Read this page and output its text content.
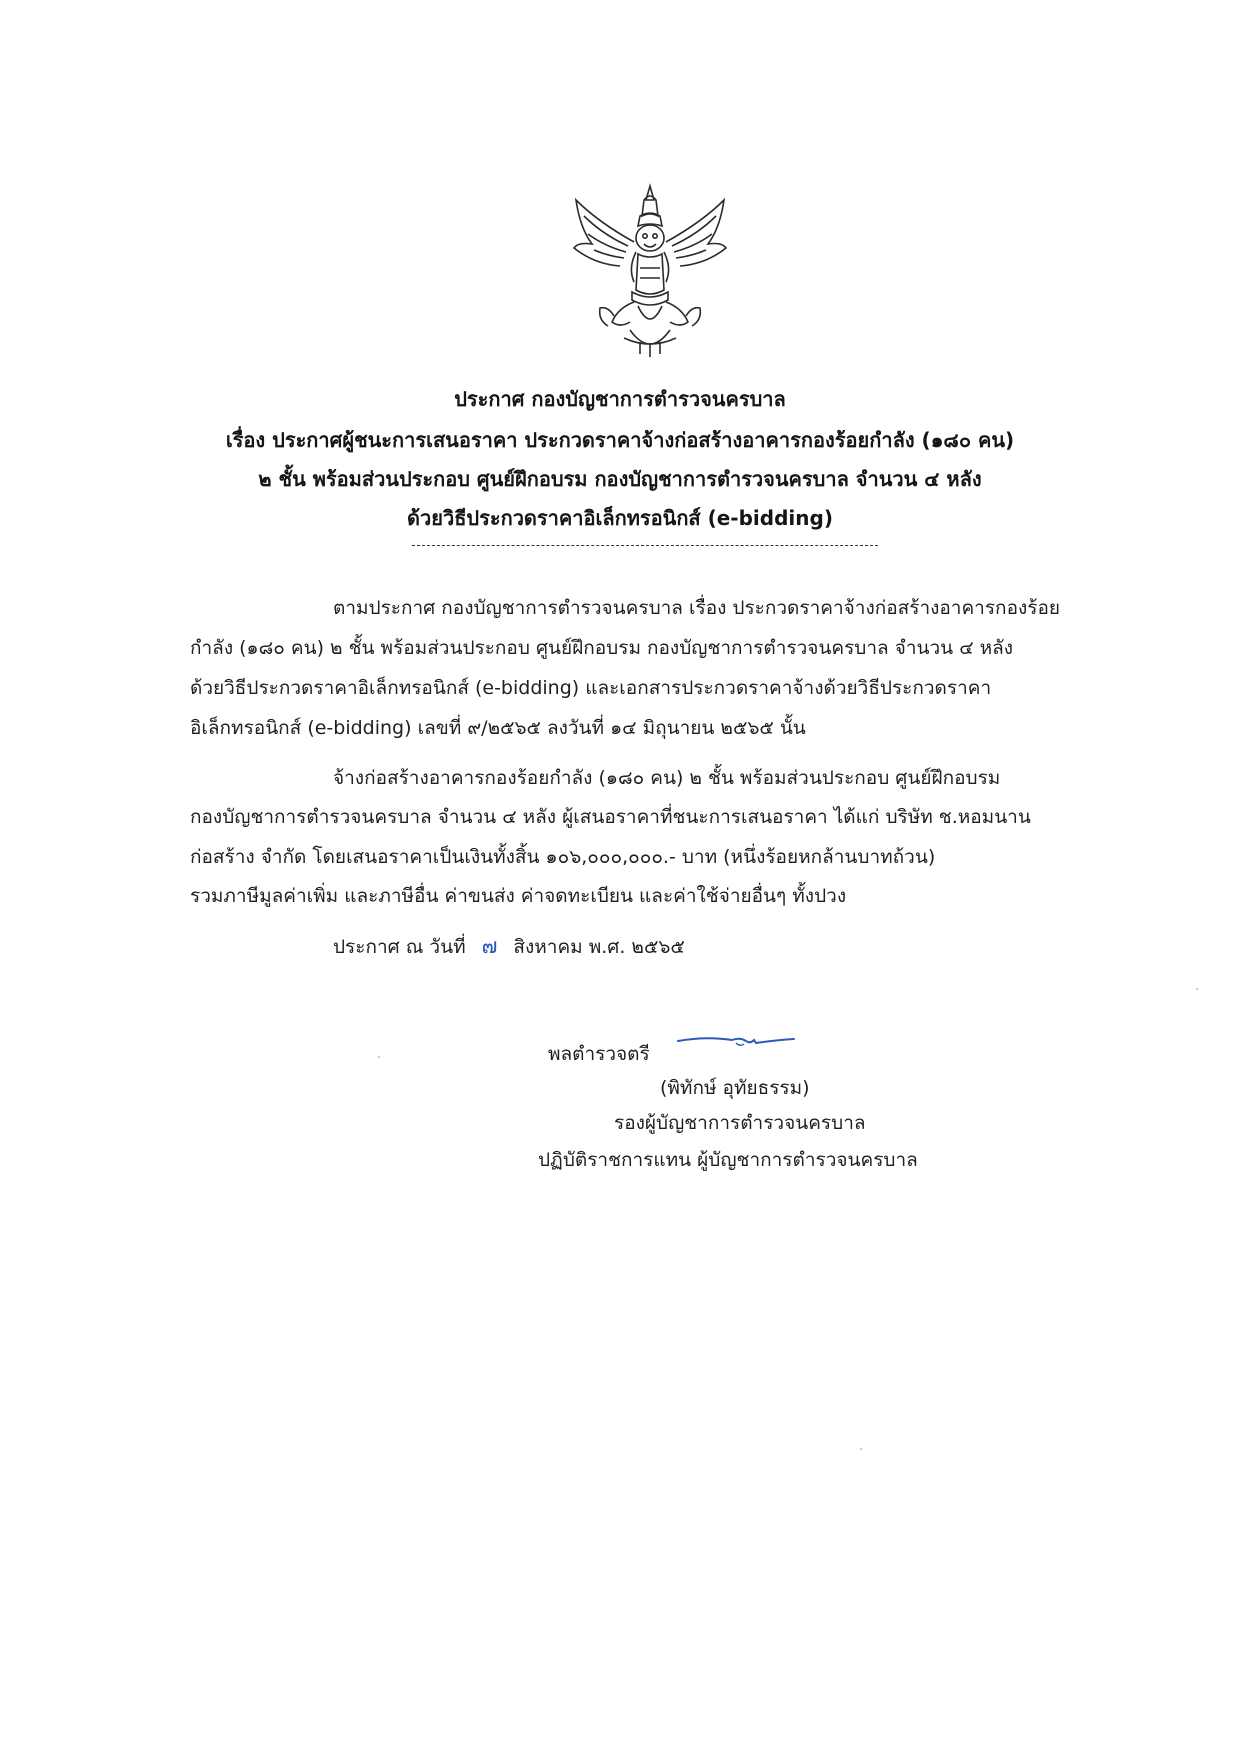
ประกาศ กองบัญชาการตำรวจนครบาล
เรื่อง ประกาศผู้ชนะการเสนอราคา ประกวดราคาจ้างก่อสร้างอาคารกองร้อยกำลัง (๑๘๐ คน)
๒ ชั้น พร้อมส่วนประกอบ ศูนย์ฝึกอบรม กองบัญชาการตำรวจนครบาล จำนวน ๔ หลัง
ด้วยวิธีประกวดราคาอิเล็กทรอนิกส์ (e-bidding)
ตามประกาศ กองบัญชาการตำรวจนครบาล เรื่อง ประกวดราคาจ้างก่อสร้างอาคารกองร้อย
กำลัง (๑๘๐ คน) ๒ ชั้น พร้อมส่วนประกอบ ศูนย์ฝึกอบรม กองบัญชาการตำรวจนครบาล จำนวน ๔ หลัง
ด้วยวิธีประกวดราคาอิเล็กทรอนิกส์ (e-bidding) และเอกสารประกวดราคาจ้างด้วยวิธีประกวดราคา
อิเล็กทรอนิกส์ (e-bidding) เลขที่ ๙/๒๕๖๕ ลงวันที่ ๑๔ มิถุนายน ๒๕๖๕ นั้น
จ้างก่อสร้างอาคารกองร้อยกำลัง (๑๘๐ คน) ๒ ชั้น พร้อมส่วนประกอบ ศูนย์ฝึกอบรม
กองบัญชาการตำรวจนครบาล จำนวน ๔ หลัง ผู้เสนอราคาที่ชนะการเสนอราคา ได้แก่ บริษัท ช.หอมนาน
ก่อสร้าง จำกัด โดยเสนอราคาเป็นเงินทั้งสิ้น ๑๐๖,๐๐๐,๐๐๐.- บาท (หนึ่งร้อยหกล้านบาทถ้วน)
รวมภาษีมูลค่าเพิ่ม และภาษีอื่น ค่าขนส่ง ค่าจดทะเบียน และค่าใช้จ่ายอื่นๆ ทั้งปวง
ประกาศ ณ วันที่ ๗ สิงหาคม พ.ศ. ๒๕๖๕
พลตำรวจตรี
(พิทักษ์ อุทัยธรรม)
รองผู้บัญชาการตำรวจนครบาล
ปฏิบัติราชการแทน ผู้บัญชาการตำรวจนครบาล
